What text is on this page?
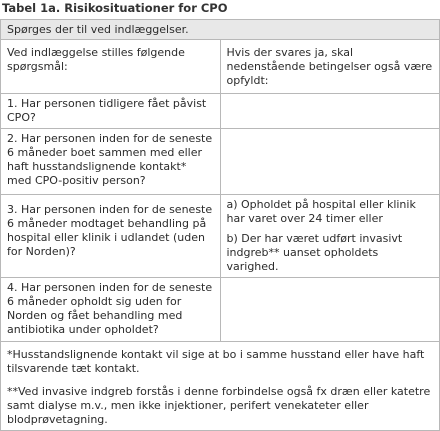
Tabel 1a. Risikosituationer for CPO
Spørges der til ved indlæggelser.	
Ved indlæggelse stilles følgende spørgsmål:	Hvis der svares ja, skal nedenstående betingelser også være opfyldt:
1. Har personen tidligere fået påvist CPO?	
2. Har personen inden for de seneste 6 måneder boet sammen med eller haft husstandslignende kontakt* med CPO-positiv person?	
3. Har personen inden for de seneste 6 måneder modtaget behandling på hospital eller klinik i udlandet (uden for Norden)?	a) Opholdet på hospital eller klinik har varet over 24 timer eller
b) Der har været udført invasivt indgreb** uanset opholdets varighed.

4. Har personen inden for de seneste 6 måneder opholdt sig uden for Norden og fået behandling med antibiotika under opholdet?	

*Husstandslignende kontakt vil sige at bo i samme husstand eller have haft tilsvarende tæt kontakt.
**Ved invasive indgreb forstås i denne forbindelse også fx dræn eller katetre samt dialyse m.v., men ikke injektioner, perifert venekateter eller blodprøvetagning.	
